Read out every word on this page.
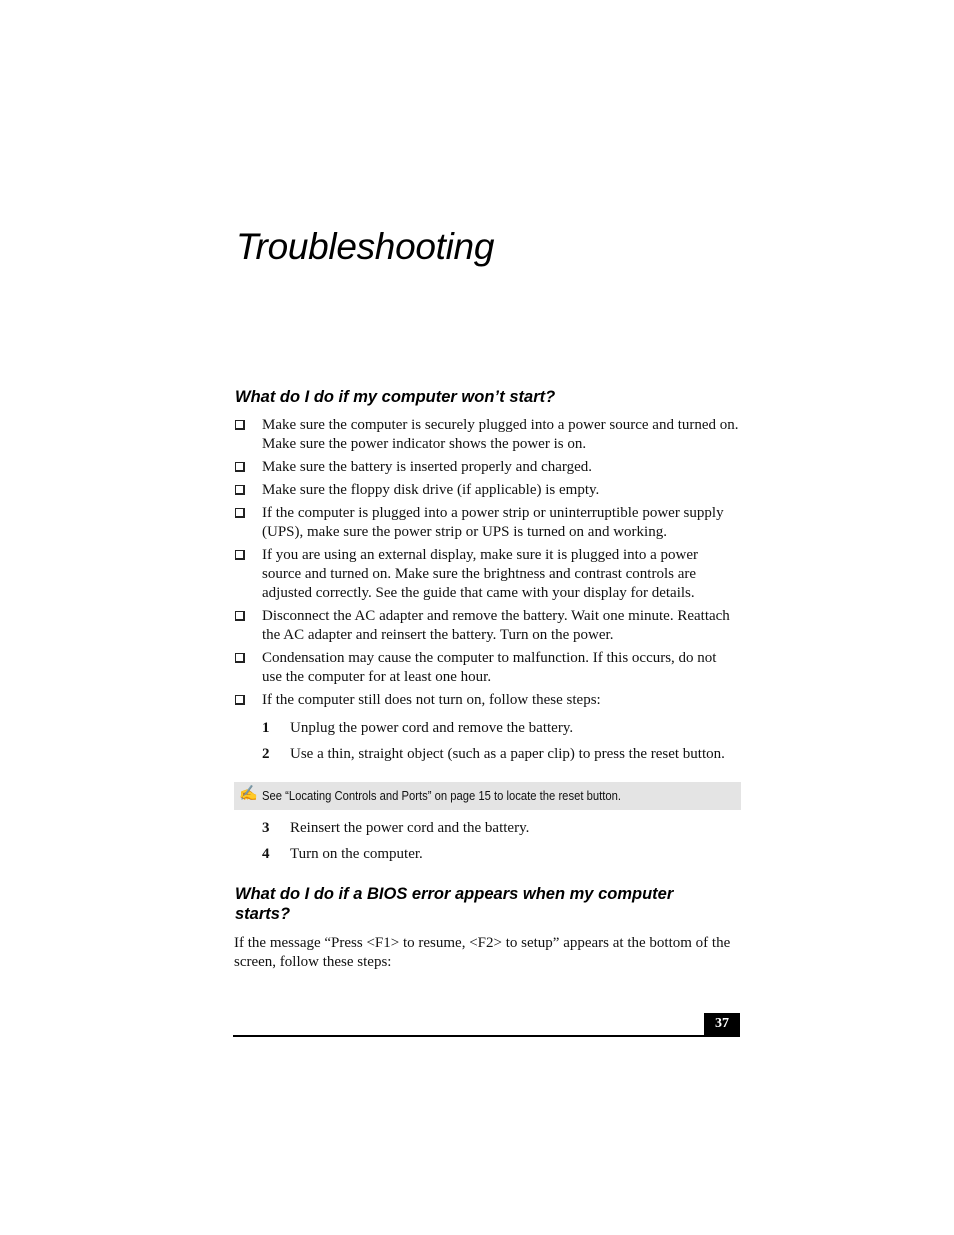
Troubleshooting
What do I do if my computer won’t start?
Make sure the computer is securely plugged into a power source and turned on. Make sure the power indicator shows the power is on.
Make sure the battery is inserted properly and charged.
Make sure the floppy disk drive (if applicable) is empty.
If the computer is plugged into a power strip or uninterruptible power supply (UPS), make sure the power strip or UPS is turned on and working.
If you are using an external display, make sure it is plugged into a power source and turned on. Make sure the brightness and contrast controls are adjusted correctly. See the guide that came with your display for details.
Disconnect the AC adapter and remove the battery. Wait one minute. Reattach the AC adapter and reinsert the battery. Turn on the power.
Condensation may cause the computer to malfunction. If this occurs, do not use the computer for at least one hour.
If the computer still does not turn on, follow these steps:
1 Unplug the power cord and remove the battery.
2 Use a thin, straight object (such as a paper clip) to press the reset button.
✍ See “Locating Controls and Ports” on page 15 to locate the reset button.
3 Reinsert the power cord and the battery.
4 Turn on the computer.
What do I do if a BIOS error appears when my computer starts?

If the message “Press <F1> to resume, <F2> to setup” appears at the bottom of the screen, follow these steps:

37
